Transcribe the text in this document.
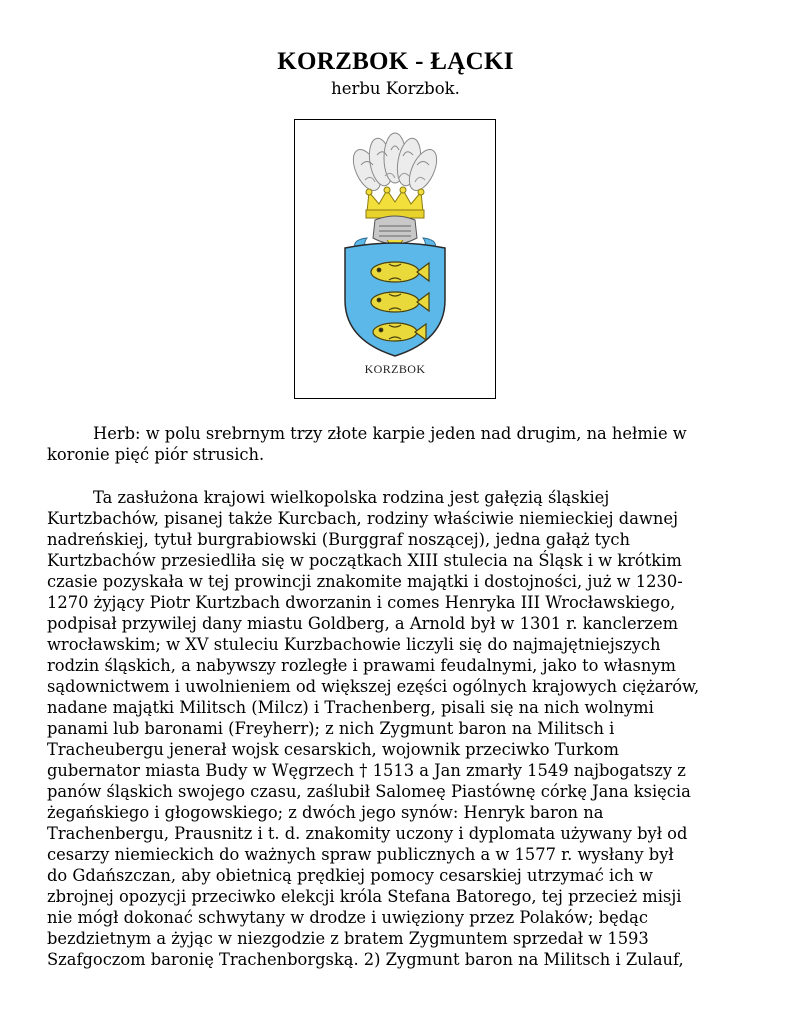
KORZBOK - ŁĄCKI
herbu Korzbok.
KORZBOK
Herb: w polu srebrnym trzy złote karpie jeden nad drugim, na hełmie w
koronie pięć piór strusich.
Ta zasłużona krajowi wielkopolska rodzina jest gałęzią śląskiej
Kurtzbachów, pisanej także Kurcbach, rodziny właściwie niemieckiej dawnej
nadreńskiej, tytuł burgrabiowski (Burggraf noszącej), jedna gałąż tych
Kurtzbachów przesiedliła się w początkach XIII stulecia na Śląsk i w krótkim
czasie pozyskała w tej prowincji znakomite majątki i dostojności, już w 1230-
1270 żyjący Piotr Kurtzbach dworzanin i comes Henryka III Wrocławskiego,
podpisał przywilej dany miastu Goldberg, a Arnold był w 1301 r. kanclerzem
wrocławskim; w XV stuleciu Kurzbachowie liczyli się do najmajętniejszych
rodzin śląskich, a nabywszy rozległe i prawami feudalnymi, jako to własnym
sądownictwem i uwolnieniem od większej ezęści ogólnych krajowych ciężarów,
nadane majątki Militsch (Milcz) i Trachenberg, pisali się na nich wolnymi
panami lub baronami (Freyherr); z nich Zygmunt baron na Militsch i
Tracheubergu jenerał wojsk cesarskich, wojownik przeciwko Turkom
gubernator miasta Budy w Węgrzech † 1513 a Jan zmarły 1549 najbogatszy z
panów śląskich swojego czasu, zaślubił Salomeę Piastównę córkę Jana księcia
żegańskiego i głogowskiego; z dwóch jego synów: Henryk baron na
Trachenbergu, Prausnitz i t. d. znakomity uczony i dyplomata używany był od
cesarzy niemieckich do ważnych spraw publicznych a w 1577 r. wysłany był
do Gdańszczan, aby obietnicą prędkiej pomocy cesarskiej utrzymać ich w
zbrojnej opozycji przeciwko elekcji króla Stefana Batorego, tej przecież misji
nie mógł dokonać schwytany w drodze i uwięziony przez Polaków; będąc
bezdzietnym a żyjąc w niezgodzie z bratem Zygmuntem sprzedał w 1593
Szafgoczom baronię Trachenborgską. 2) Zygmunt baron na Militsch i Zulauf,
